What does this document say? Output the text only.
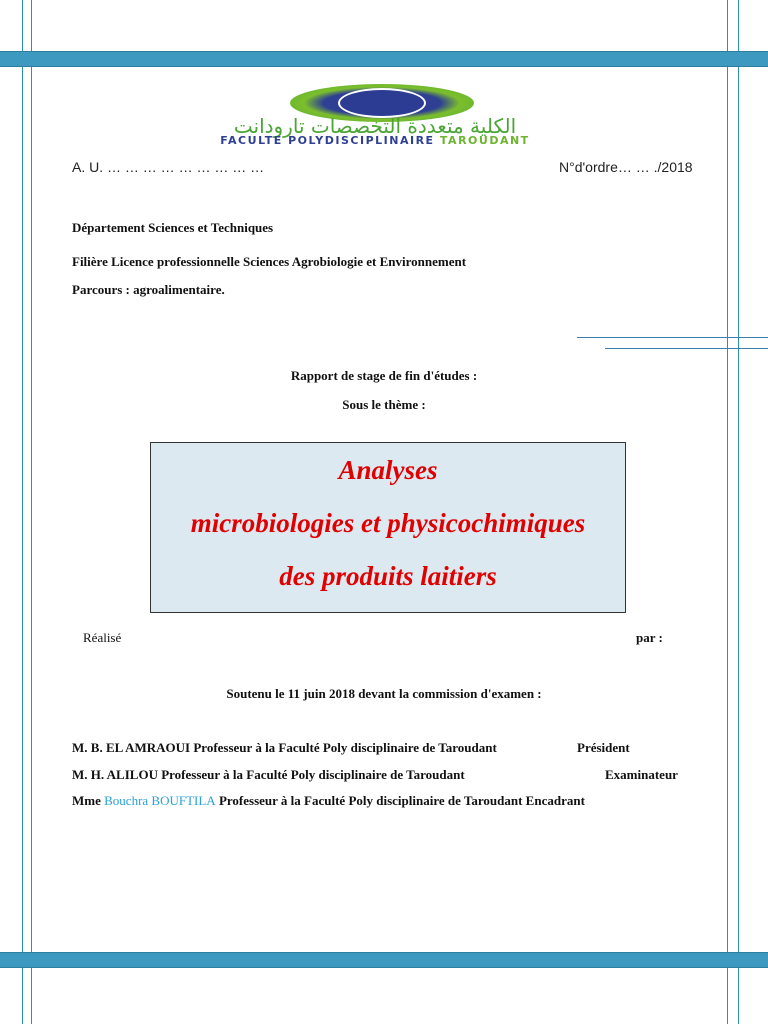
الكلية متعددة التخصصات تارودانت
FACULTE POLYDISCIPLINAIRE TAROUDANT
A. U. … … … … … … … … …	N°d'ordre… … ./2018
Département Sciences et Techniques
Filière Licence professionnelle Sciences Agrobiologie et Environnement
Parcours : agroalimentaire.
Rapport de stage de fin d'études :
Sous le thème :
Analyses
microbiologies et physicochimiques
des produits laitiers
Réalisé	par :
Soutenu le 11 juin 2018 devant la commission d'examen :
M. B. EL AMRAOUI Professeur à la Faculté Poly disciplinaire de Taroudant	Président
M. H. ALILOU Professeur à la Faculté Poly disciplinaire de Taroudant	Examinateur
Mme Bouchra BOUFTILA Professeur à la Faculté Poly disciplinaire de Taroudant Encadrant
